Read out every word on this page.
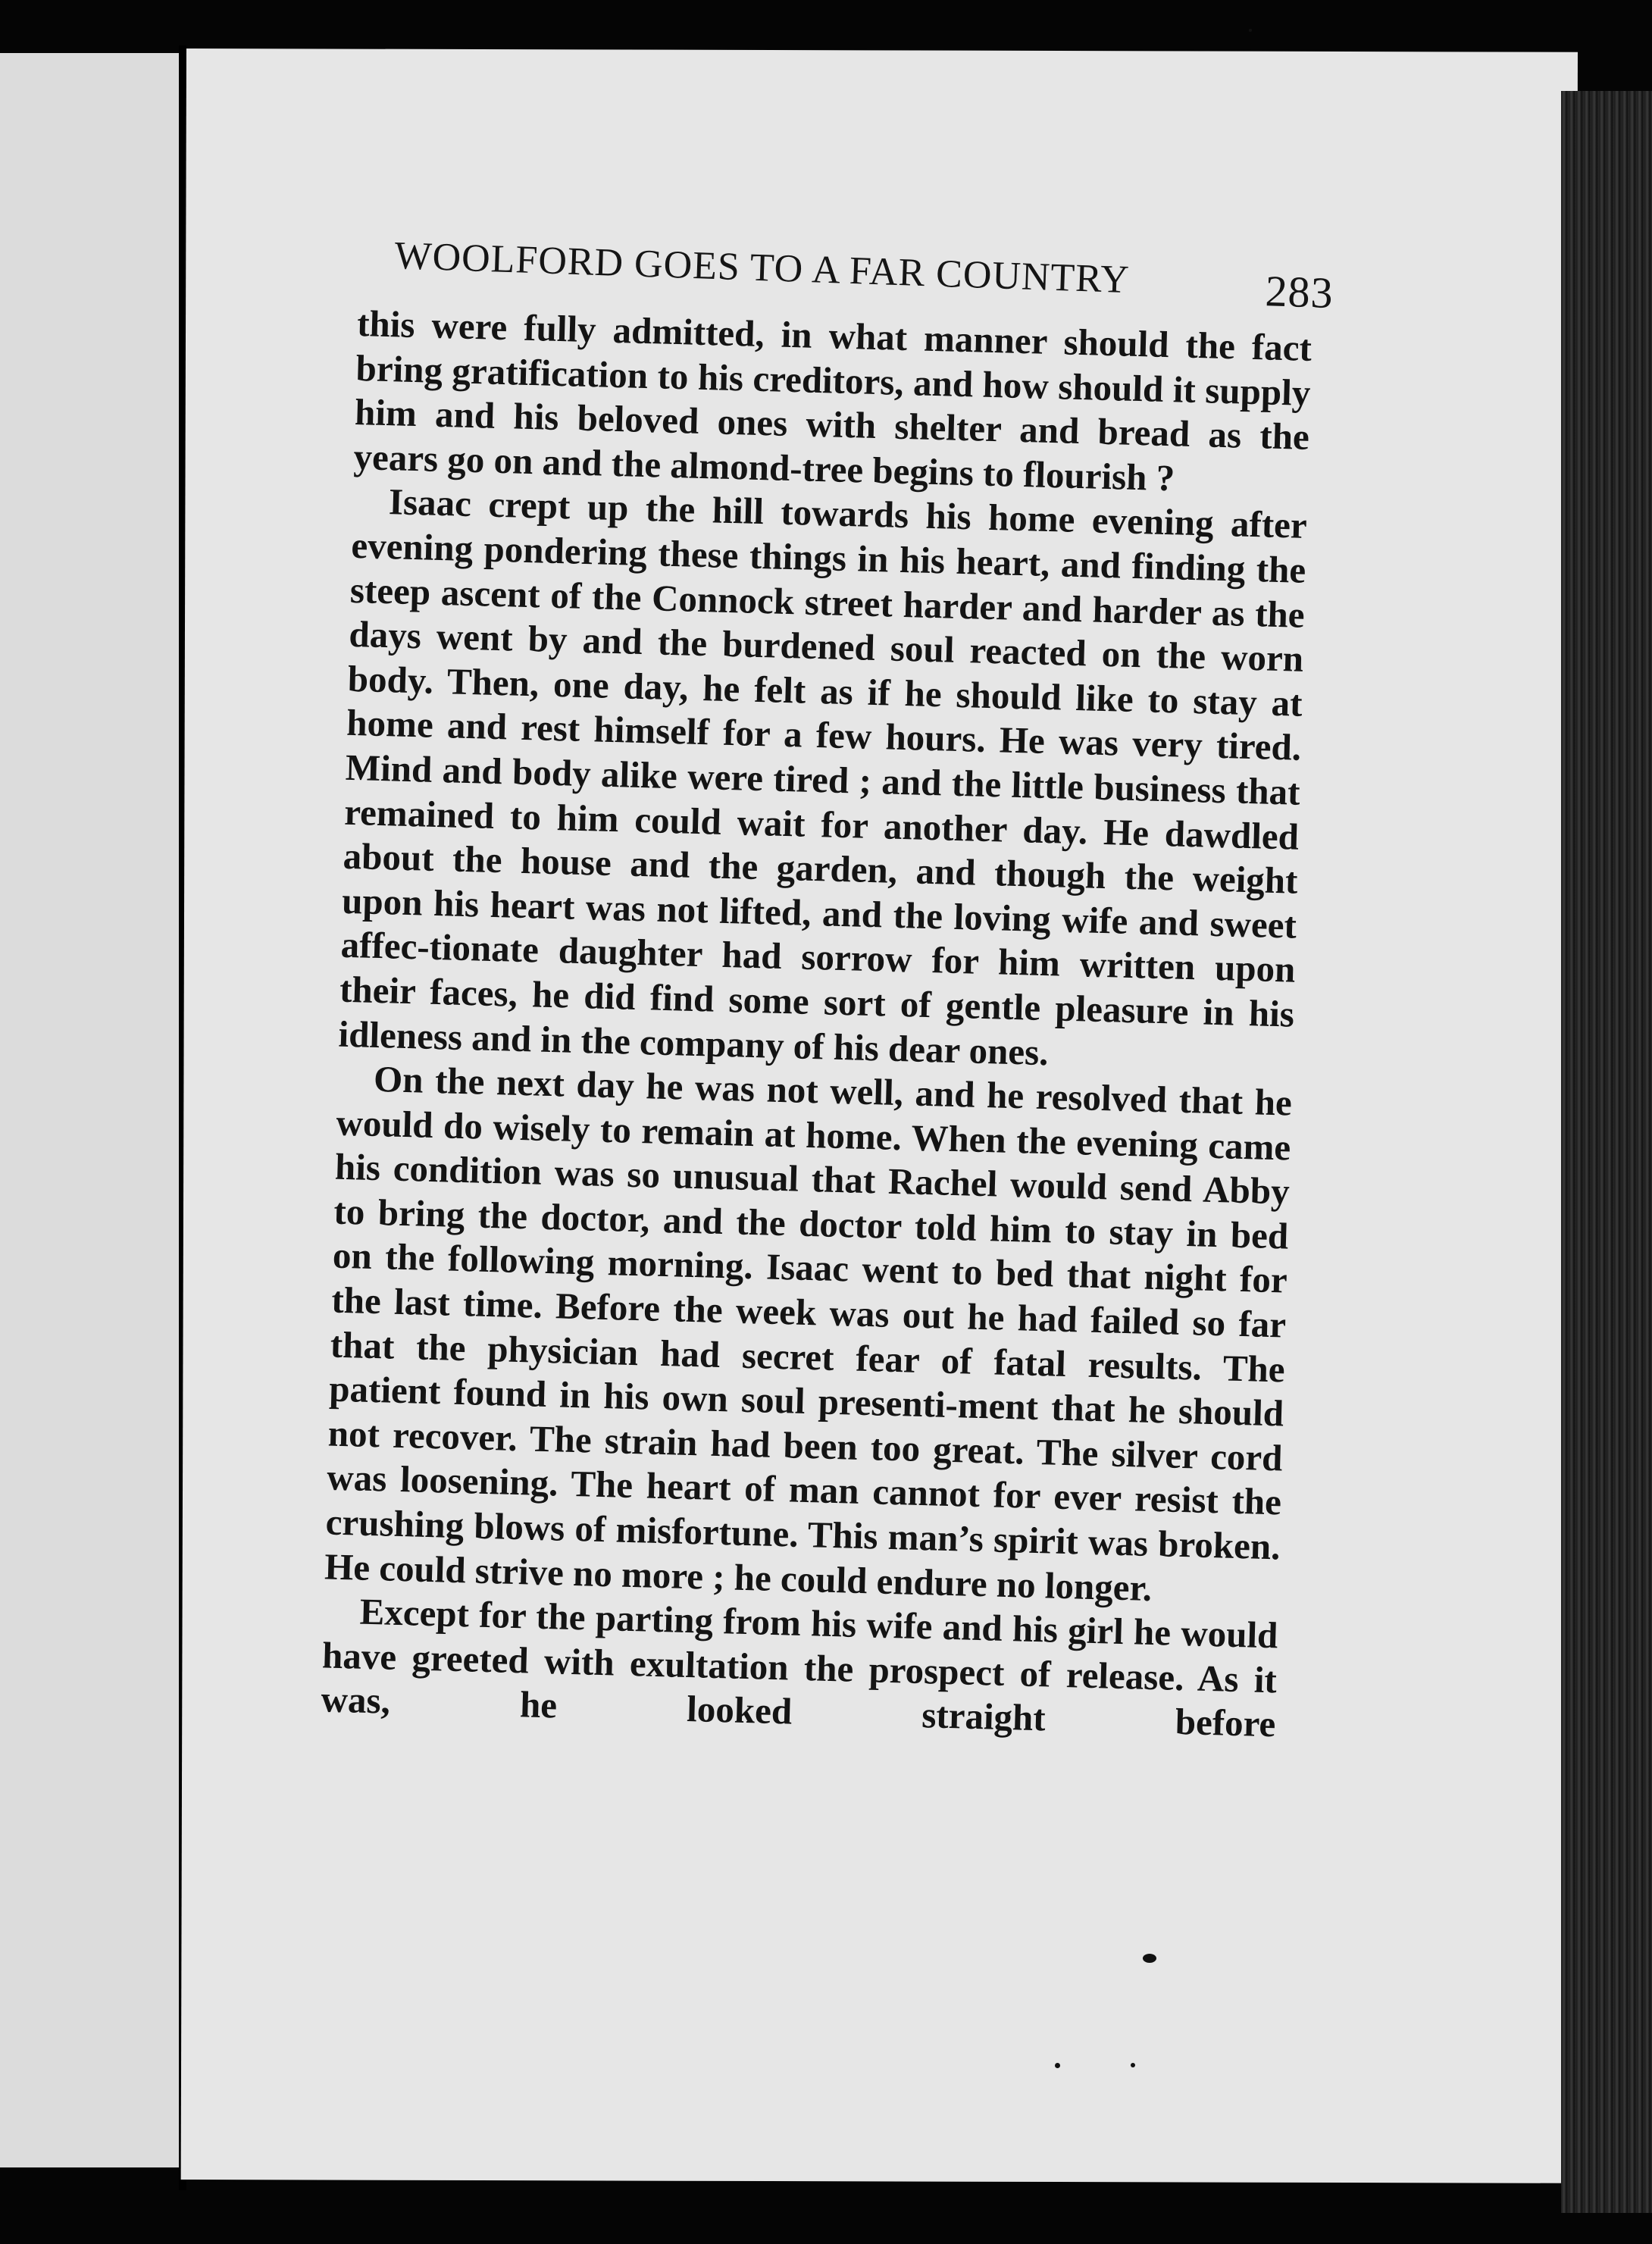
WOOLFORD GOES TO A FAR COUNTRY	283

this were fully admitted, in what manner should the fact bring gratification to his creditors, and how should it supply him and his beloved ones with shelter and bread as the years go on and the almond-tree begins to flourish ?

Isaac crept up the hill towards his home evening after evening pondering these things in his heart, and finding the steep ascent of the Connock street harder and harder as the days went by and the burdened soul reacted on the worn body. Then, one day, he felt as if he should like to stay at home and rest himself for a few hours. He was very tired. Mind and body alike were tired ; and the little business that remained to him could wait for another day. He dawdled about the house and the garden, and though the weight upon his heart was not lifted, and the loving wife and sweet affec-tionate daughter had sorrow for him written upon their faces, he did find some sort of gentle pleasure in his idleness and in the company of his dear ones.

On the next day he was not well, and he resolved that he would do wisely to remain at home. When the evening came his condition was so unusual that Rachel would send Abby to bring the doctor, and the doctor told him to stay in bed on the following morning. Isaac went to bed that night for the last time. Before the week was out he had failed so far that the physician had secret fear of fatal results. The patient found in his own soul presenti-ment that he should not recover. The strain had been too great. The silver cord was loosening. The heart of man cannot for ever resist the crushing blows of misfortune. This man’s spirit was broken. He could strive no more ; he could endure no longer.

Except for the parting from his wife and his girl he would have greeted with exultation the prospect of release. As it was, he looked straight before
